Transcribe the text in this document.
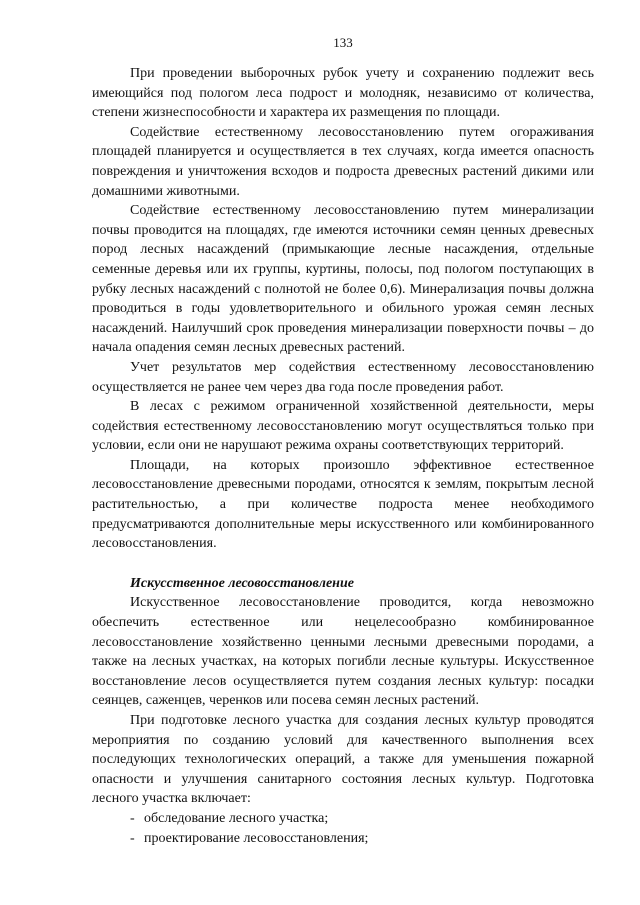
133

При проведении выборочных рубок учету и сохранению подлежит весь имеющийся под пологом леса подрост и молодняк, независимо от количества, степени жизнеспособности и характера их размещения по площади.

Содействие естественному лесовосстановлению путем огораживания площадей планируется и осуществляется в тех случаях, когда имеется опасность повреждения и уничтожения всходов и подроста древесных растений дикими или домашними животными.

Содействие естественному лесовосстановлению путем минерализации почвы проводится на площадях, где имеются источники семян ценных древесных пород лесных насаждений (примыкающие лесные насаждения, отдельные семенные деревья или их группы, куртины, полосы, под пологом поступающих в рубку лесных насаждений с полнотой не более 0,6). Минерализация почвы должна проводиться в годы удовлетворительного и обильного урожая семян лесных насаждений. Наилучший срок проведения минерализации поверхности почвы – до начала опадения семян лесных древесных растений.

Учет результатов мер содействия естественному лесовосстановлению осуществляется не ранее чем через два года после проведения работ.

В лесах с режимом ограниченной хозяйственной деятельности, меры содействия естественному лесовосстановлению могут осуществляться только при условии, если они не нарушают режима охраны соответствующих территорий.

Площади, на которых произошло эффективное естественное лесовосстановление древесными породами, относятся к землям, покрытым лесной растительностью, а при количестве подроста менее необходимого предусматриваются дополнительные меры искусственного или комбинированного лесовосстановления.

Искусственное лесовосстановление

Искусственное лесовосстановление проводится, когда невозможно обеспечить естественное или нецелесообразно комбинированное лесовосстановление хозяйственно ценными лесными древесными породами, а также на лесных участках, на которых погибли лесные культуры. Искусственное восстановление лесов осуществляется путем создания лесных культур: посадки сеянцев, саженцев, черенков или посева семян лесных растений.

При подготовке лесного участка для создания лесных культур проводятся мероприятия по созданию условий для качественного выполнения всех последующих технологических операций, а также для уменьшения пожарной опасности и улучшения санитарного состояния лесных культур. Подготовка лесного участка включает:

- обследование лесного участка;
- проектирование лесовосстановления;
